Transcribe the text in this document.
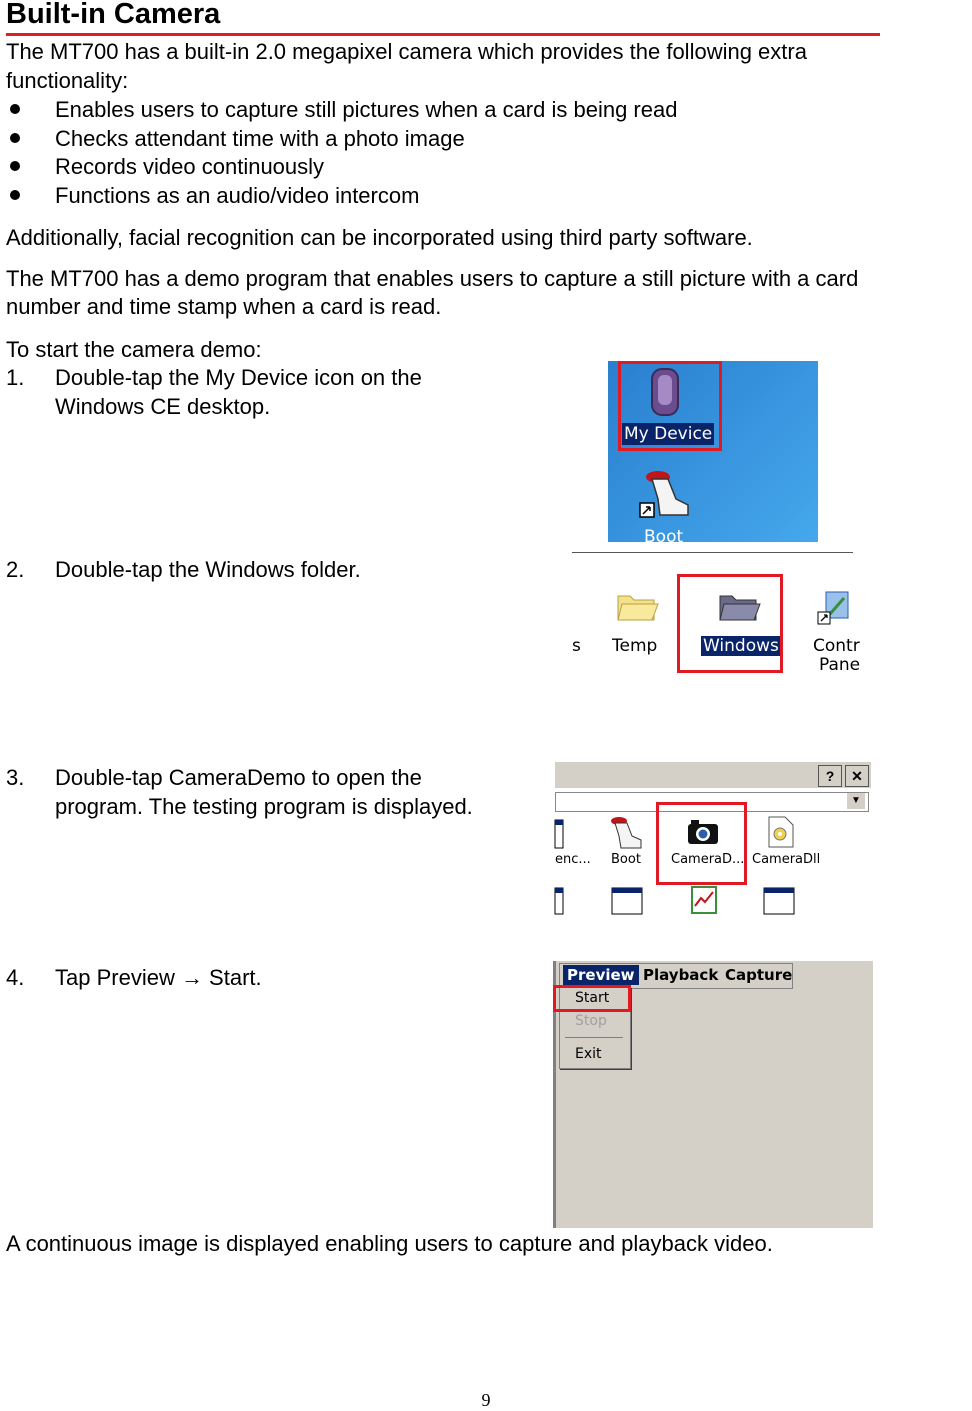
Built-in Camera
The MT700 has a built-in 2.0 megapixel camera which provides the following extra
functionality:
Enables users to capture still pictures when a card is being read
Checks attendant time with a photo image
Records video continuously
Functions as an audio/video intercom
Additionally, facial recognition can be incorporated using third party software.
The MT700 has a demo program that enables users to capture a still picture with a card
number and time stamp when a card is read.
To start the camera demo:
1. Double-tap the My Device icon on the
Windows CE desktop.
My Device
Boot
2. Double-tap the Windows folder.
s Temp	Windows Contr
Pane
3. Double-tap CameraDemo to open the
program. The testing program is displayed.
?	✕
▼
enc... Boot CameraD... CameraDll
4. Tap Preview → Start.	Preview Playback Capture
Start
Stop
Exit
A continuous image is displayed enabling users to capture and playback video.
9
